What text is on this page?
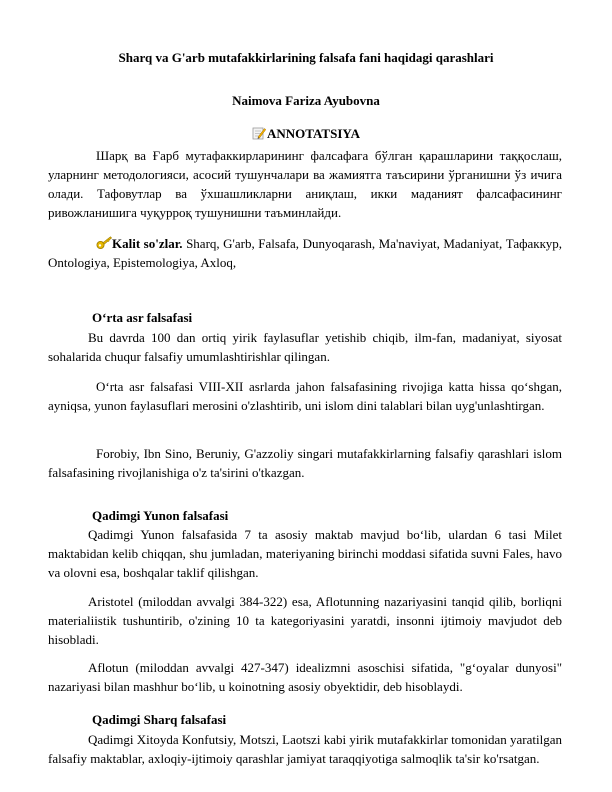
Sharq va G'arb mutafakkirlarining falsafa fani haqidagi qarashlari
Naimova Fariza Ayubovna
ANNOTATSIYA

Шарқ ва Ғарб мутафаккирларининг фалсафага бўлган қарашларини таққослаш, уларнинг методологияси, асосий тушунчалари ва жамиятга таъсирини ўрганишни ўз ичига олади. Тафовутлар ва ўхшашликларни аниқлаш, икки маданият фалсафасининг ривожланишига чуқурроқ тушунишни таъминлайди.

Kalit so'zlar. Sharq, G'arb, Falsafa, Dunyoqarash, Ma'naviyat, Madaniyat, Тафаккур, Ontologiya, Epistemologiya, Axloq,

O‘rta asr falsafasi

Bu davrda 100 dan ortiq yirik faylasuflar yetishib chiqib, ilm-fan, madaniyat, siyosat sohalarida chuqur falsafiy umumlashtirishlar qilingan.

O‘rta asr falsafasi VIII-XII asrlarda jahon falsafasining rivojiga katta hissa qo‘shgan, ayniqsa, yunon faylasuflari merosini o'zlashtirib, uni islom dini talablari bilan uyg'unlashtirgan.

Forobiy, Ibn Sino, Beruniy, G'azzoliy singari mutafakkirlarning falsafiy qarashlari islom falsafasining rivojlanishiga o'z ta'sirini o'tkazgan.

Qadimgi Yunon falsafasi

Qadimgi Yunon falsafasida 7 ta asosiy maktab mavjud bo‘lib, ulardan 6 tasi Milet maktabidan kelib chiqqan, shu jumladan, materiyaning birinchi moddasi sifatida suvni Fales, havo va olovni esa, boshqalar taklif qilishgan.

Aristotel (miloddan avvalgi 384-322) esa, Aflotunning nazariyasini tanqid qilib, borliqni materialiistik tushuntirib, o'zining 10 ta kategoriyasini yaratdi, insonni ijtimoiy mavjudot deb hisobladi.

Aflotun (miloddan avvalgi 427-347) idealizmni asoschisi sifatida, "g‘oyalar dunyosi" nazariyasi bilan mashhur bo‘lib, u koinotning asosiy obyektidir, deb hisoblaydi.

Qadimgi Sharq falsafasi

Qadimgi Xitoyda Konfutsiy, Motszi, Laotszi kabi yirik mutafakkirlar tomonidan yaratilgan falsafiy maktablar, axloqiy-ijtimoiy qarashlar jamiyat taraqqiyotiga salmoqlik ta'sir ko'rsatgan.
